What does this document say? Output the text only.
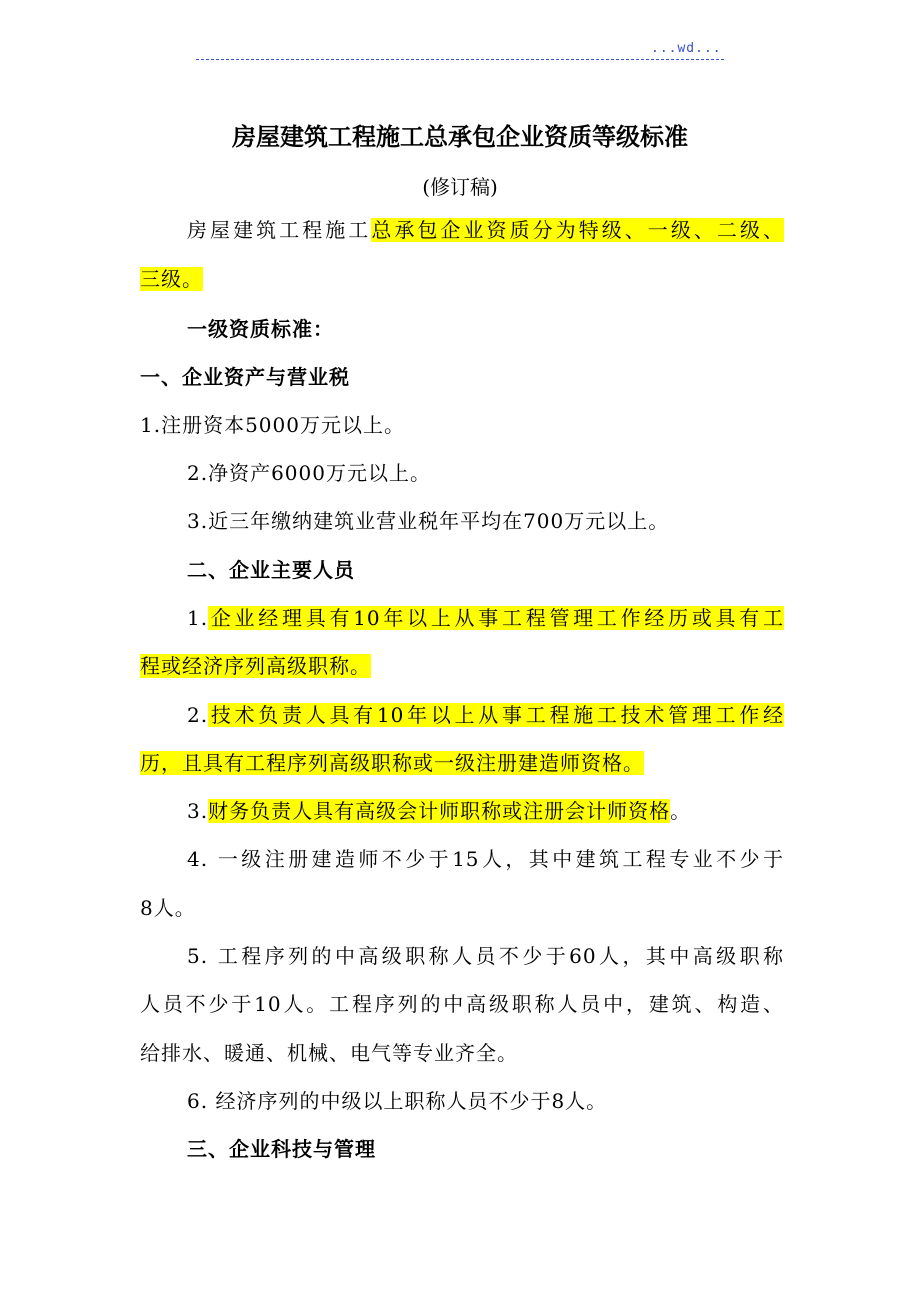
...wd...
房屋建筑工程施工总承包企业资质等级标准
(修订稿)
房屋建筑工程施工总承包企业资质分为特级、一级、二级、
三级。
一级资质标准：
一、企业资产与营业税
1.注册资本5000万元以上。
2.净资产6000万元以上。
3.近三年缴纳建筑业营业税年平均在700万元以上。
二、企业主要人员
1.企业经理具有10年以上从事工程管理工作经历或具有工
程或经济序列高级职称。
2.技术负责人具有10年以上从事工程施工技术管理工作经
历，且具有工程序列高级职称或一级注册建造师资格。
3.财务负责人具有高级会计师职称或注册会计师资格。
4. 一级注册建造师不少于15人，其中建筑工程专业不少于
8人。
5. 工程序列的中高级职称人员不少于60人，其中高级职称
人员不少于10人。工程序列的中高级职称人员中，建筑、构造、
给排水、暖通、机械、电气等专业齐全。
6. 经济序列的中级以上职称人员不少于8人。
三、企业科技与管理
